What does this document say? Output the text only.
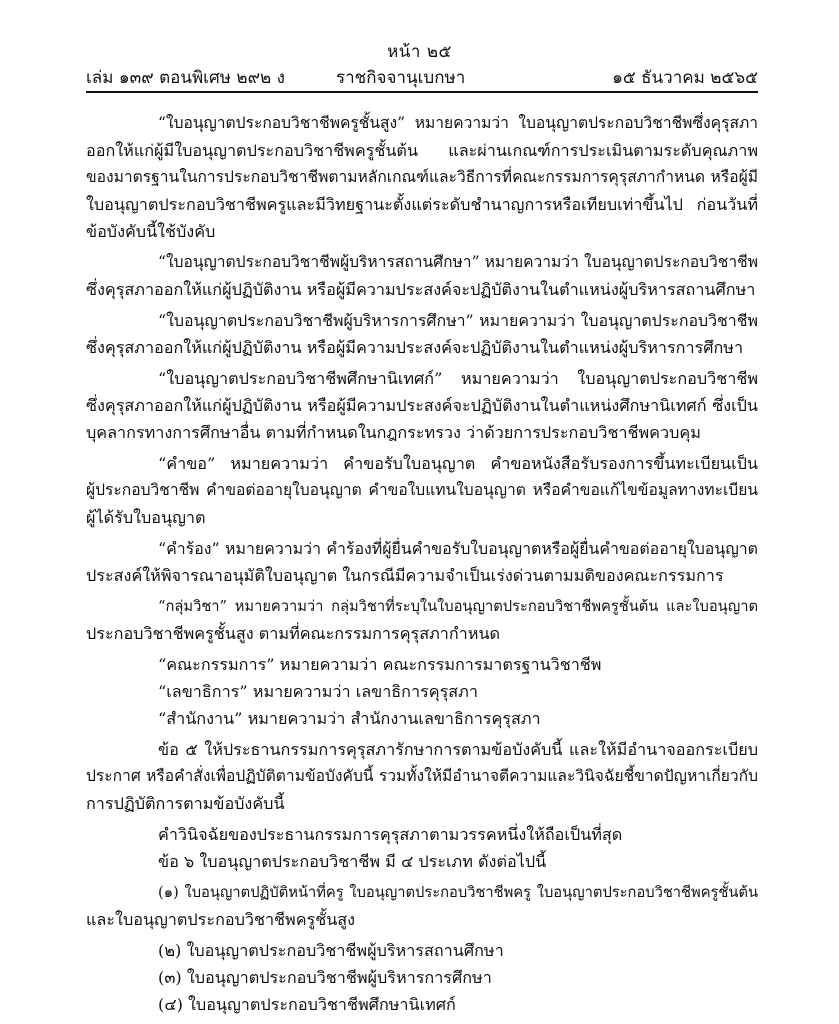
หน้า ๒๕
เล่ม ๑๓๙ ตอนพิเศษ ๒๙๒ ง	ราชกิจจานุเบกษา	๑๕ ธันวาคม ๒๕๖๕
“ใบอนุญาตประกอบวิชาชีพครูชั้นสูง” หมายความว่า ใบอนุญาตประกอบวิชาชีพซึ่งคุรุสภา
ออกให้แก่ผู้มีใบอนุญาตประกอบวิชาชีพครูชั้นต้น และผ่านเกณฑ์การประเมินตามระดับคุณภาพ
ของมาตรฐานในการประกอบวิชาชีพตามหลักเกณฑ์และวิธีการที่คณะกรรมการคุรุสภากำหนด หรือผู้มี
ใบอนุญาตประกอบวิชาชีพครูและมีวิทยฐานะตั้งแต่ระดับชำนาญการหรือเทียบเท่าขึ้นไป ก่อนวันที่
ข้อบังคับนี้ใช้บังคับ
“ใบอนุญาตประกอบวิชาชีพผู้บริหารสถานศึกษา” หมายความว่า ใบอนุญาตประกอบวิชาชีพ
ซึ่งคุรุสภาออกให้แก่ผู้ปฏิบัติงาน หรือผู้มีความประสงค์จะปฏิบัติงานในตำแหน่งผู้บริหารสถานศึกษา
“ใบอนุญาตประกอบวิชาชีพผู้บริหารการศึกษา” หมายความว่า ใบอนุญาตประกอบวิชาชีพ
ซึ่งคุรุสภาออกให้แก่ผู้ปฏิบัติงาน หรือผู้มีความประสงค์จะปฏิบัติงานในตำแหน่งผู้บริหารการศึกษา
“ใบอนุญาตประกอบวิชาชีพศึกษานิเทศก์” หมายความว่า ใบอนุญาตประกอบวิชาชีพ
ซึ่งคุรุสภาออกให้แก่ผู้ปฏิบัติงาน หรือผู้มีความประสงค์จะปฏิบัติงานในตำแหน่งศึกษานิเทศก์ ซึ่งเป็น
บุคลากรทางการศึกษาอื่น ตามที่กำหนดในกฎกระทรวง ว่าด้วยการประกอบวิชาชีพควบคุม
“คำขอ” หมายความว่า คำขอรับใบอนุญาต คำขอหนังสือรับรองการขึ้นทะเบียนเป็น
ผู้ประกอบวิชาชีพ คำขอต่ออายุใบอนุญาต คำขอใบแทนใบอนุญาต หรือคำขอแก้ไขข้อมูลทางทะเบียน
ผู้ได้รับใบอนุญาต
“คำร้อง” หมายความว่า คำร้องที่ผู้ยื่นคำขอรับใบอนุญาตหรือผู้ยื่นคำขอต่ออายุใบอนุญาต
ประสงค์ให้พิจารณาอนุมัติใบอนุญาต ในกรณีมีความจำเป็นเร่งด่วนตามมติของคณะกรรมการ
“กลุ่มวิชา” หมายความว่า กลุ่มวิชาที่ระบุในใบอนุญาตประกอบวิชาชีพครูชั้นต้น และใบอนุญาต
ประกอบวิชาชีพครูชั้นสูง ตามที่คณะกรรมการคุรุสภากำหนด
“คณะกรรมการ” หมายความว่า คณะกรรมการมาตรฐานวิชาชีพ
“เลขาธิการ” หมายความว่า เลขาธิการคุรุสภา
“สำนักงาน” หมายความว่า สำนักงานเลขาธิการคุรุสภา
ข้อ ๕ ให้ประธานกรรมการคุรุสภารักษาการตามข้อบังคับนี้ และให้มีอำนาจออกระเบียบ
ประกาศ หรือคำสั่งเพื่อปฏิบัติตามข้อบังคับนี้ รวมทั้งให้มีอำนาจตีความและวินิจฉัยชี้ขาดปัญหาเกี่ยวกับ
การปฏิบัติการตามข้อบังคับนี้
คำวินิจฉัยของประธานกรรมการคุรุสภาตามวรรคหนึ่งให้ถือเป็นที่สุด
ข้อ ๖ ใบอนุญาตประกอบวิชาชีพ มี ๔ ประเภท ดังต่อไปนี้
(๑) ใบอนุญาตปฏิบัติหน้าที่ครู ใบอนุญาตประกอบวิชาชีพครู ใบอนุญาตประกอบวิชาชีพครูชั้นต้น
และใบอนุญาตประกอบวิชาชีพครูชั้นสูง
(๒) ใบอนุญาตประกอบวิชาชีพผู้บริหารสถานศึกษา
(๓) ใบอนุญาตประกอบวิชาชีพผู้บริหารการศึกษา
(๔) ใบอนุญาตประกอบวิชาชีพศึกษานิเทศก์
